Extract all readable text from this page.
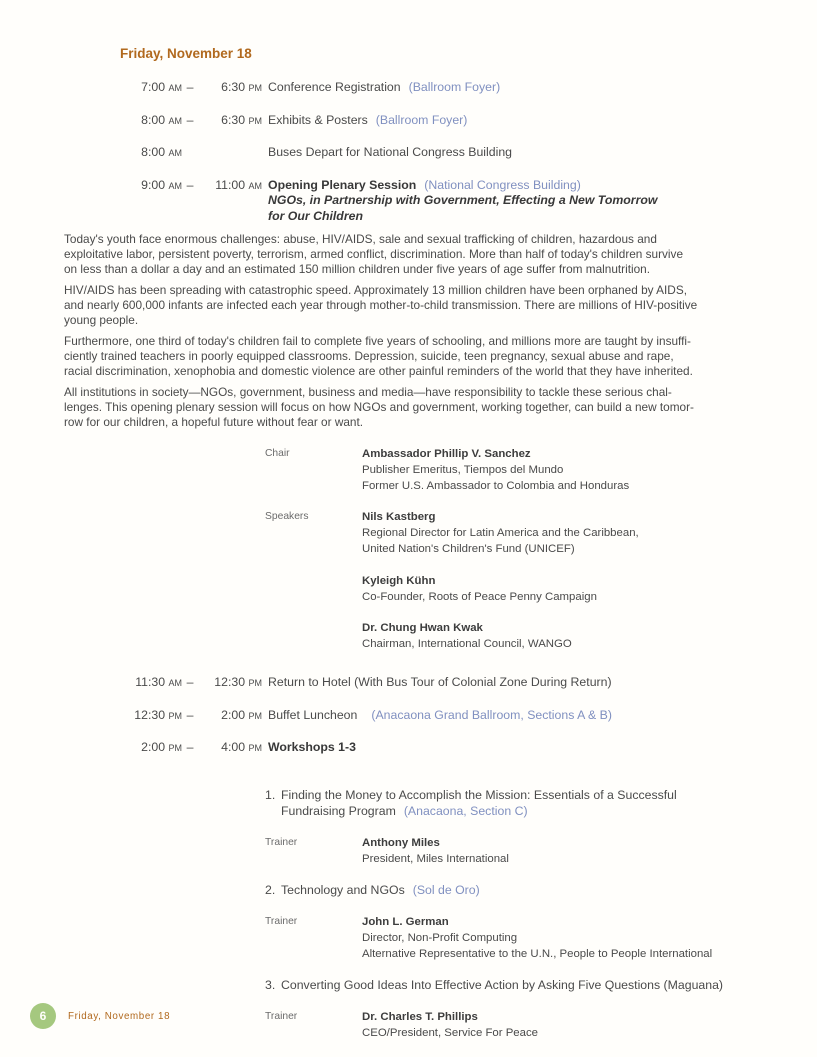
Friday, November 18
7:00 am –	6:30 pm Conference Registration (Ballroom Foyer)
8:00 am –	6:30 pm Exhibits & Posters (Ballroom Foyer)
8:00 am	Buses Depart for National Congress Building
9:00 am –	11:00 am Opening Plenary Session (National Congress Building)
NGOs, in Partnership with Government, Effecting a New Tomorrow
for Our Children
Today's youth face enormous challenges: abuse, HIV/AIDS, sale and sexual trafficking of children, hazardous and
exploitative labor, persistent poverty, terrorism, armed conflict, discrimination. More than half of today's children survive
on less than a dollar a day and an estimated 150 million children under five years of age suffer from malnutrition.
HIV/AIDS has been spreading with catastrophic speed. Approximately 13 million children have been orphaned by AIDS,
and nearly 600,000 infants are infected each year through mother-to-child transmission. There are millions of HIV-positive
young people.
Furthermore, one third of today's children fail to complete five years of schooling, and millions more are taught by insuffi-
ciently trained teachers in poorly equipped classrooms. Depression, suicide, teen pregnancy, sexual abuse and rape,
racial discrimination, xenophobia and domestic violence are other painful reminders of the world that they have inherited.
All institutions in society—NGOs, government, business and media—have responsibility to tackle these serious chal-
lenges. This opening plenary session will focus on how NGOs and government, working together, can build a new tomor-
row for our children, a hopeful future without fear or want.
Chair	Ambassador Phillip V. Sanchez
Publisher Emeritus, Tiempos del Mundo
Former U.S. Ambassador to Colombia and Honduras
Speakers	Nils Kastberg
Regional Director for Latin America and the Caribbean,
United Nation's Children's Fund (UNICEF)
Kyleigh Kühn
Co-Founder, Roots of Peace Penny Campaign
Dr. Chung Hwan Kwak
Chairman, International Council, WANGO
11:30 am –	12:30 pm Return to Hotel (With Bus Tour of Colonial Zone During Return)
12:30 pm –	2:00 pm Buffet Luncheon (Anacaona Grand Ballroom, Sections A & B)
2:00 pm –	4:00 pm Workshops 1-3
1. Finding the Money to Accomplish the Mission: Essentials of a Successful
Fundraising Program (Anacaona, Section C)
Trainer	Anthony Miles
President, Miles International
2. Technology and NGOs (Sol de Oro)
Trainer	John L. German
Director, Non-Profit Computing
Alternative Representative to the U.N., People to People International
3. Converting Good Ideas Into Effective Action by Asking Five Questions (Maguana)
Trainer	Dr. Charles T. Phillips
CEO/President, Service For Peace
6 Friday, November 18
